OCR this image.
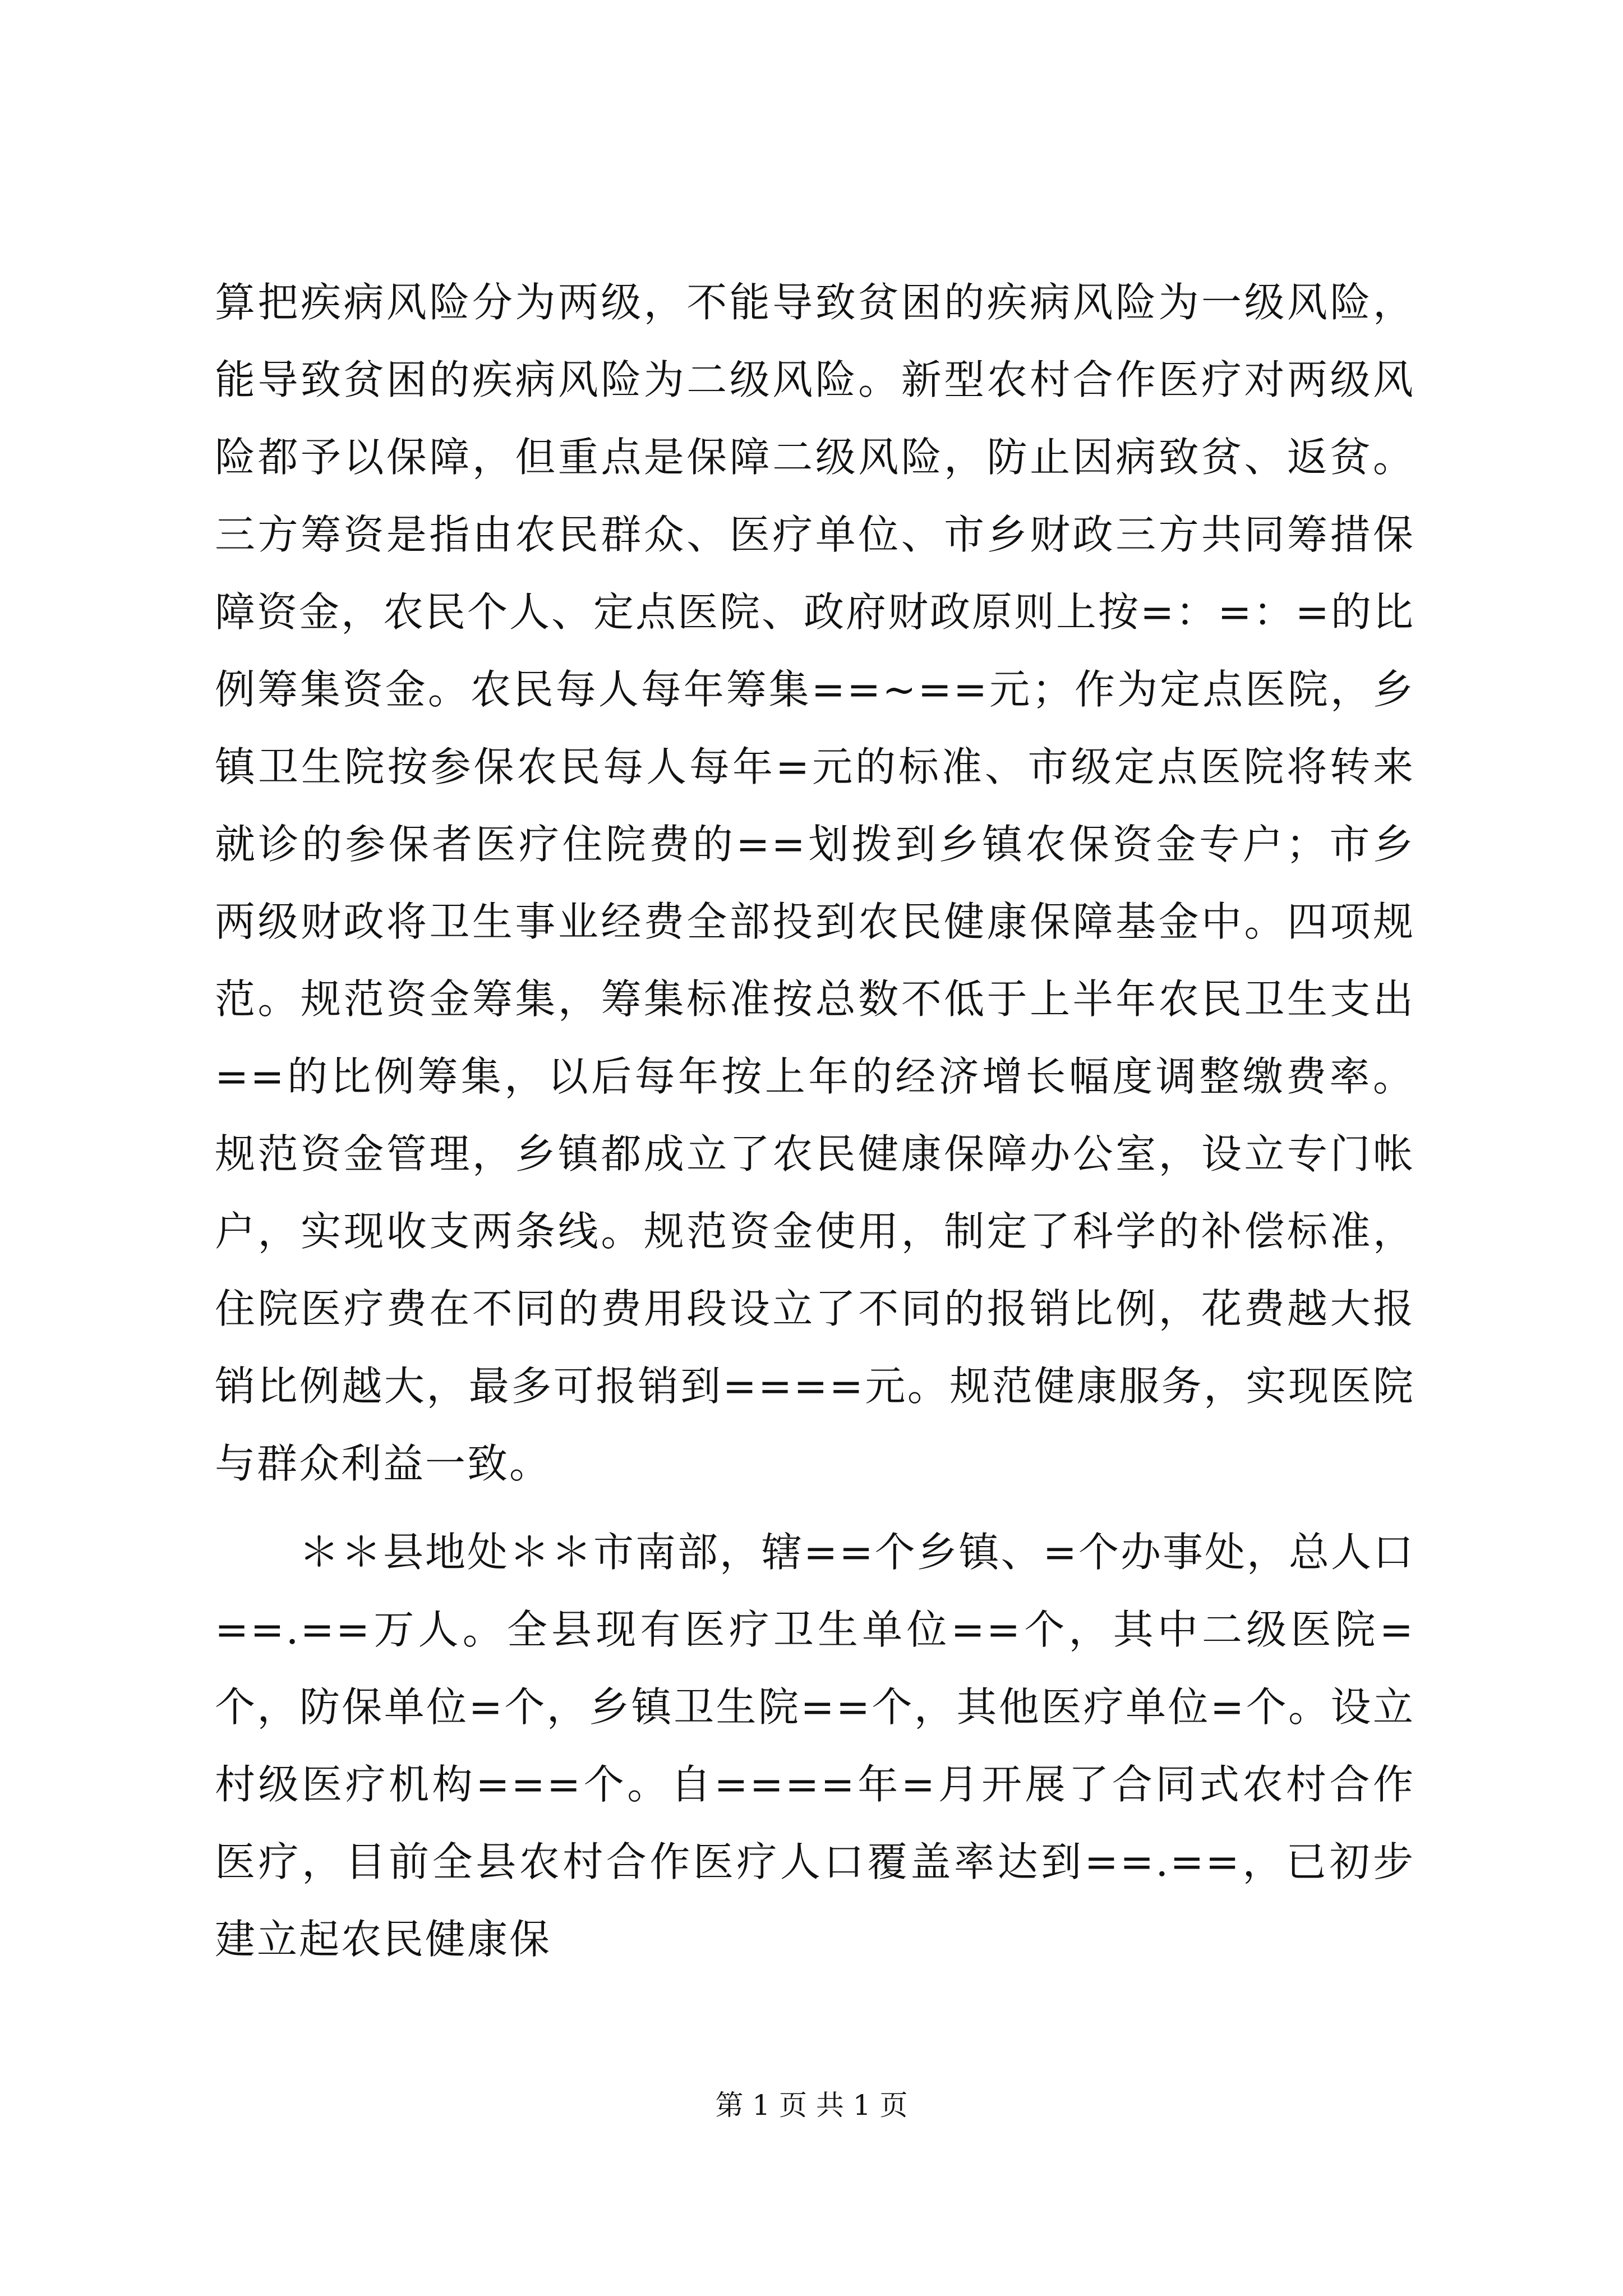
算把疾病风险分为两级，不能导致贫困的疾病风险为一级风险，能导致贫困的疾病风险为二级风险。新型农村合作医疗对两级风险都予以保障，但重点是保障二级风险，防止因病致贫、返贫。三方筹资是指由农民群众、医疗单位、市乡财政三方共同筹措保障资金，农民个人、定点医院、政府财政原则上按=：=：=的比例筹集资金。农民每人每年筹集==~==元；作为定点医院，乡镇卫生院按参保农民每人每年=元的标准、市级定点医院将转来就诊的参保者医疗住院费的==划拨到乡镇农保资金专户；市乡两级财政将卫生事业经费全部投到农民健康保障基金中。四项规范。规范资金筹集，筹集标准按总数不低于上半年农民卫生支出==的比例筹集，以后每年按上年的经济增长幅度调整缴费率。规范资金管理，乡镇都成立了农民健康保障办公室，设立专门帐户，实现收支两条线。规范资金使用，制定了科学的补偿标准，住院医疗费在不同的费用段设立了不同的报销比例，花费越大报销比例越大，最多可报销到====元。规范健康服务，实现医院与群众利益一致。

＊＊县地处＊＊市南部，辖==个乡镇、=个办事处，总人口==.==万人。全县现有医疗卫生单位==个，其中二级医院=个，防保单位=个，乡镇卫生院==个，其他医疗单位=个。设立村级医疗机构===个。自====年=月开展了合同式农村合作医疗，目前全县农村合作医疗人口覆盖率达到==.==，已初步建立起农民健康保

第 1 页 共 1 页
